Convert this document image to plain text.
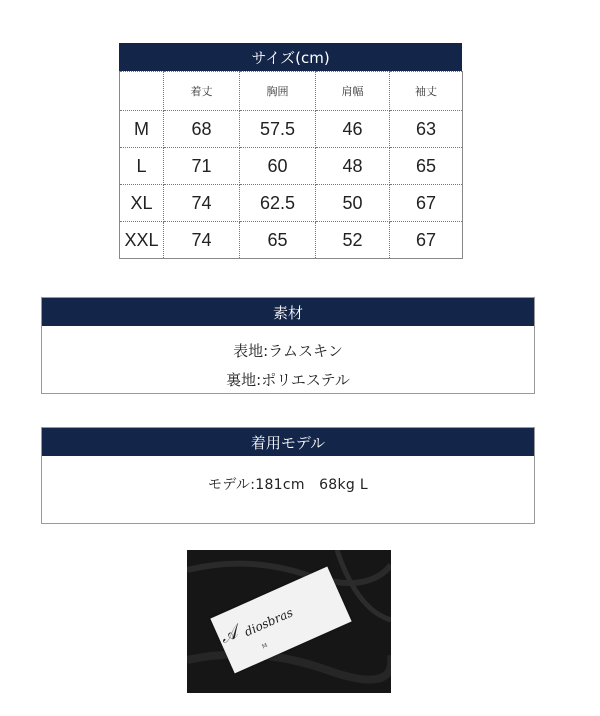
サイズ(cm)
	着丈	胸囲	肩幅	袖丈
M	68	57.5	46	63
L	71	60	48	65
XL	74	62.5	50	67
XXL	74	65	52	67
素材
表地:ラムスキン
裏地:ポリエステル
着用モデル
モデル:181cm　68kg L
𝒜 diosbras
M
